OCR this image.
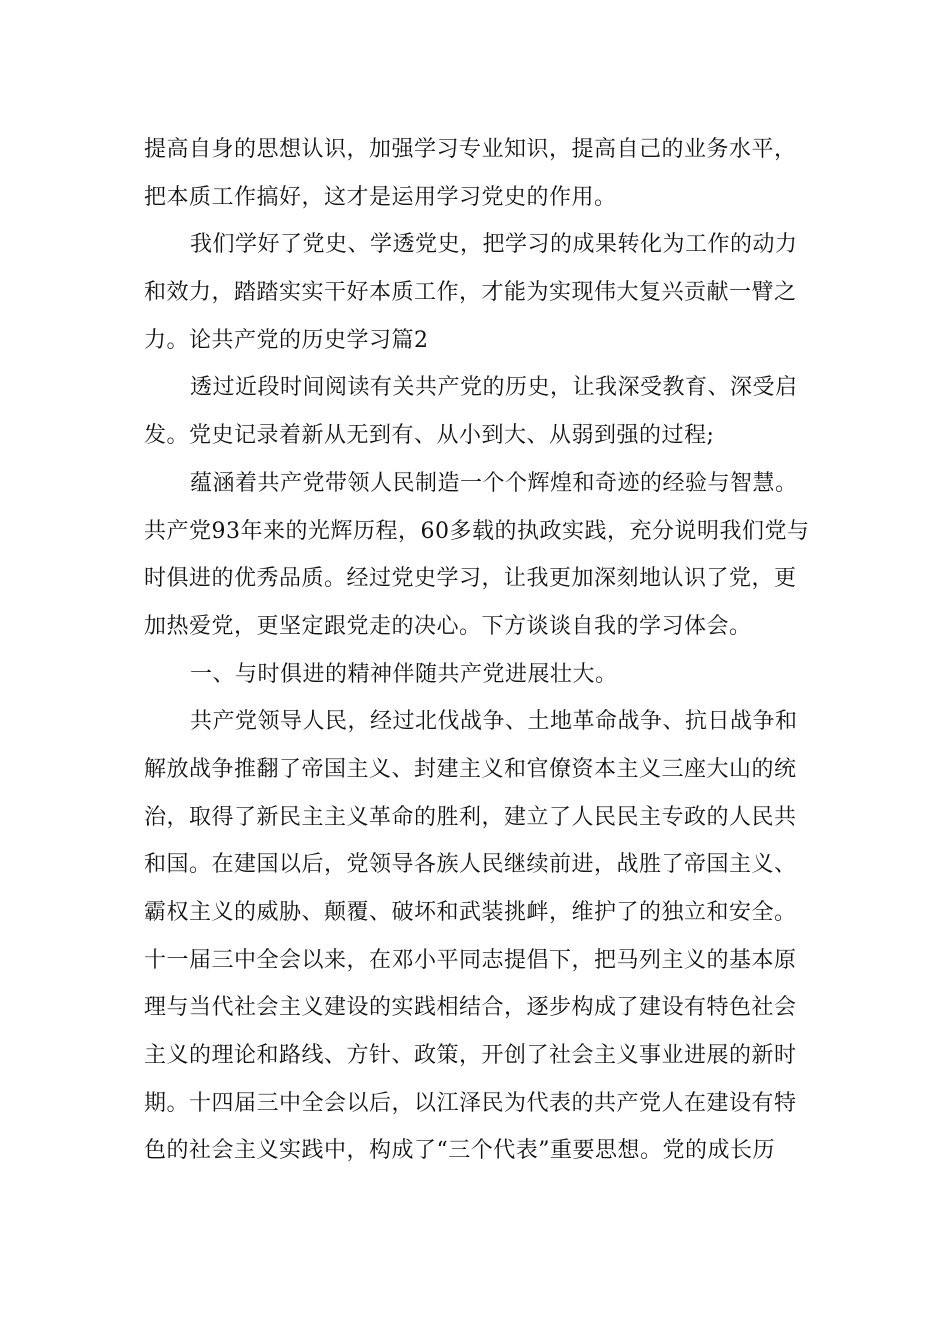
提高自身的思想认识，加强学习专业知识，提高自己的业务水平，
把本质工作搞好，这才是运用学习党史的作用。
我们学好了党史、学透党史，把学习的成果转化为工作的动力
和效力，踏踏实实干好本质工作，才能为实现伟大复兴贡献一臂之
力。论共产党的历史学习篇2
透过近段时间阅读有关共产党的历史，让我深受教育、深受启
发。党史记录着新从无到有、从小到大、从弱到强的过程;
蕴涵着共产党带领人民制造一个个辉煌和奇迹的经验与智慧。
共产党93年来的光辉历程，60多载的执政实践，充分说明我们党与
时俱进的优秀品质。经过党史学习，让我更加深刻地认识了党，更
加热爱党，更坚定跟党走的决心。下方谈谈自我的学习体会。
一、与时俱进的精神伴随共产党进展壮大。
共产党领导人民，经过北伐战争、土地革命战争、抗日战争和
解放战争推翻了帝国主义、封建主义和官僚资本主义三座大山的统
治，取得了新民主主义革命的胜利，建立了人民民主专政的人民共
和国。在建国以后，党领导各族人民继续前进，战胜了帝国主义、
霸权主义的威胁、颠覆、破坏和武装挑衅，维护了的独立和安全。
十一届三中全会以来，在邓小平同志提倡下，把马列主义的基本原
理与当代社会主义建设的实践相结合，逐步构成了建设有特色社会
主义的理论和路线、方针、政策，开创了社会主义事业进展的新时
期。十四届三中全会以后，以江泽民为代表的共产党人在建设有特
色的社会主义实践中，构成了“三个代表”重要思想。党的成长历
